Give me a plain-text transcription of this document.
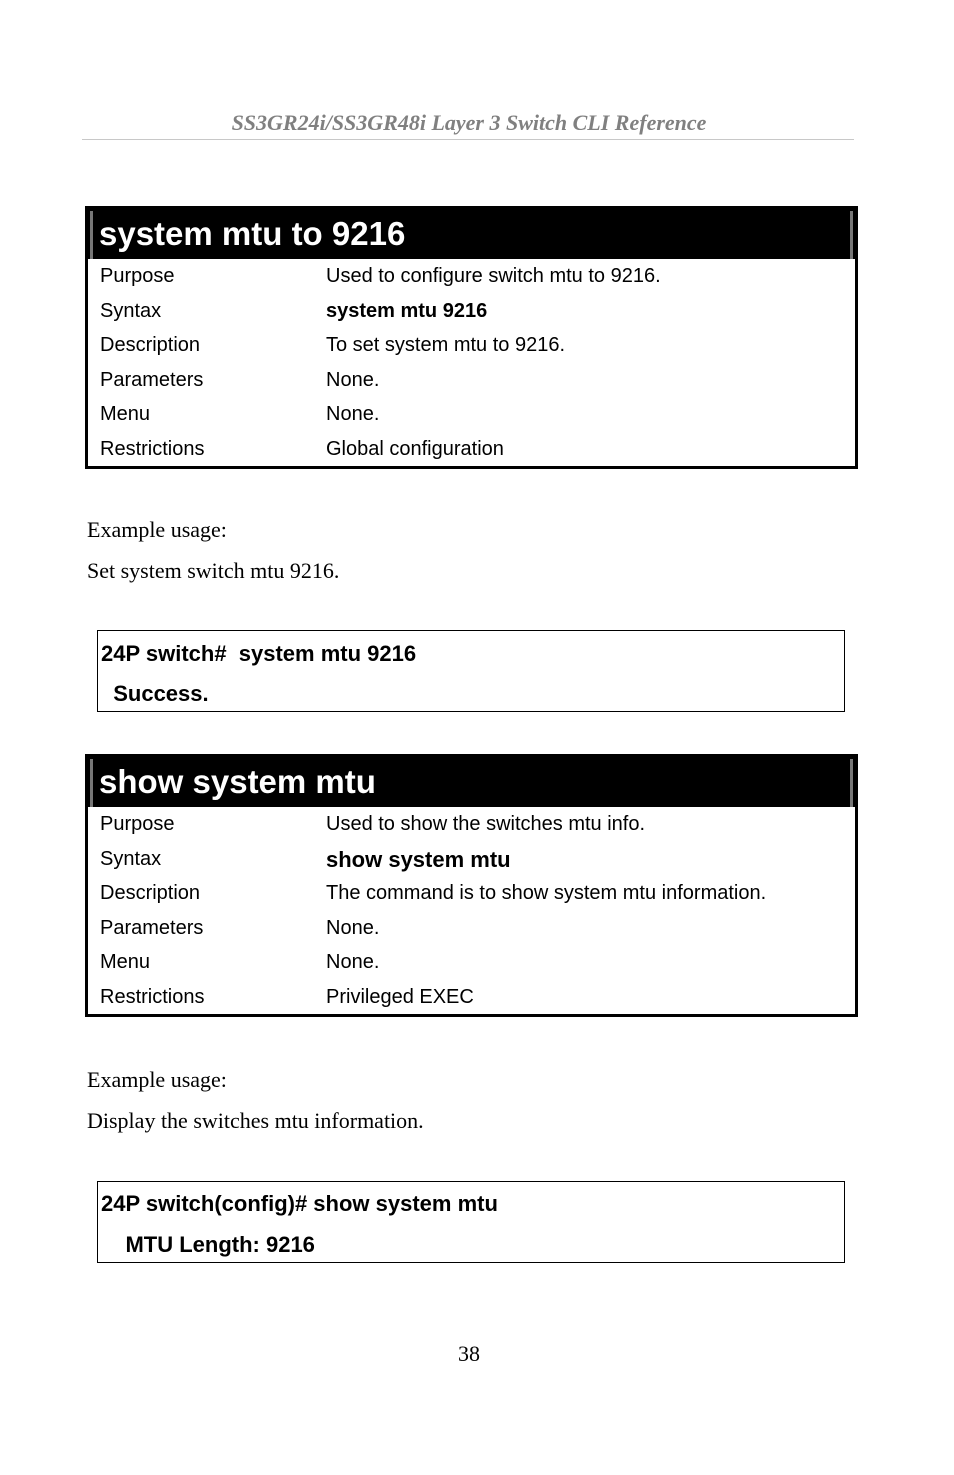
SS3GR24i/SS3GR48i Layer 3 Switch CLI Reference
system mtu to 9216
Purpose	Used to configure switch mtu to 9216.
Syntax	system mtu 9216
Description	To set system mtu to 9216.
Parameters	None.
Menu	None.
Restrictions	Global configuration
Example usage:
Set system switch mtu 9216.
24P switch#  system mtu 9216
Success.
show system mtu
Purpose	Used to show the switches mtu info.
Syntax	show system mtu
Description	The command is to show system mtu information.
Parameters	None.
Menu	None.
Restrictions	Privileged EXEC
Example usage:
Display the switches mtu information.
24P switch(config)# show system mtu
MTU Length: 9216
38
